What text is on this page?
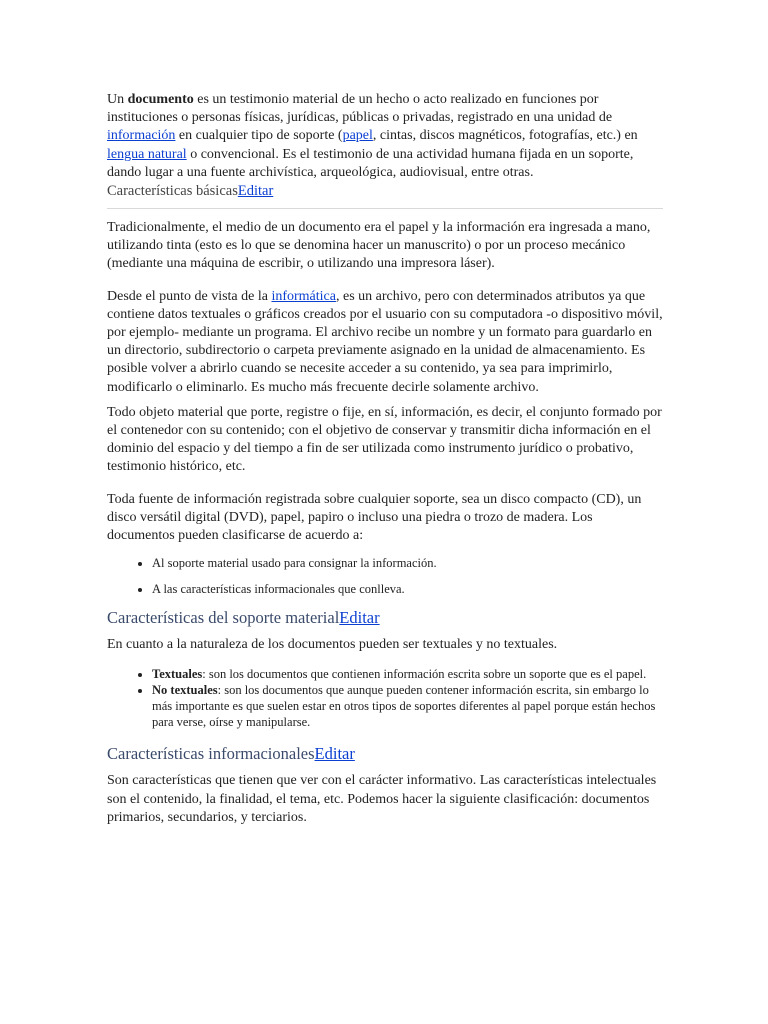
Un documento es un testimonio material de un hecho o acto realizado en funciones por instituciones o personas físicas, jurídicas, públicas o privadas, registrado en una unidad de información en cualquier tipo de soporte (papel, cintas, discos magnéticos, fotografías, etc.) en lengua natural o convencional. Es el testimonio de una actividad humana fijada en un soporte, dando lugar a una fuente archivística, arqueológica, audiovisual, entre otras.

Características básicasEditar

Tradicionalmente, el medio de un documento era el papel y la información era ingresada a mano, utilizando tinta (esto es lo que se denomina hacer un manuscrito) o por un proceso mecánico (mediante una máquina de escribir, o utilizando una impresora láser).

Desde el punto de vista de la informática, es un archivo, pero con determinados atributos ya que contiene datos textuales o gráficos creados por el usuario con su computadora -o dispositivo móvil, por ejemplo- mediante un programa. El archivo recibe un nombre y un formato para guardarlo en un directorio, subdirectorio o carpeta previamente asignado en la unidad de almacenamiento. Es posible volver a abrirlo cuando se necesite acceder a su contenido, ya sea para imprimirlo, modificarlo o eliminarlo. Es mucho más frecuente decirle solamente archivo.

Todo objeto material que porte, registre o fije, en sí, información, es decir, el conjunto formado por el contenedor con su contenido; con el objetivo de conservar y transmitir dicha información en el dominio del espacio y del tiempo a fin de ser utilizada como instrumento jurídico o probativo, testimonio histórico, etc.

Toda fuente de información registrada sobre cualquier soporte, sea un disco compacto (CD), un disco versátil digital (DVD), papel, papiro o incluso una piedra o trozo de madera. Los documentos pueden clasificarse de acuerdo a:

• Al soporte material usado para consignar la información.
• A las características informacionales que conlleva.

Características del soporte materialEditar

En cuanto a la naturaleza de los documentos pueden ser textuales y no textuales.

• Textuales: son los documentos que contienen información escrita sobre un soporte que es el papel.
• No textuales: son los documentos que aunque pueden contener información escrita, sin embargo lo más importante es que suelen estar en otros tipos de soportes diferentes al papel porque están hechos para verse, oírse y manipularse.

Características informacionalesEditar

Son características que tienen que ver con el carácter informativo. Las características intelectuales son el contenido, la finalidad, el tema, etc. Podemos hacer la siguiente clasificación: documentos primarios, secundarios, y terciarios.
